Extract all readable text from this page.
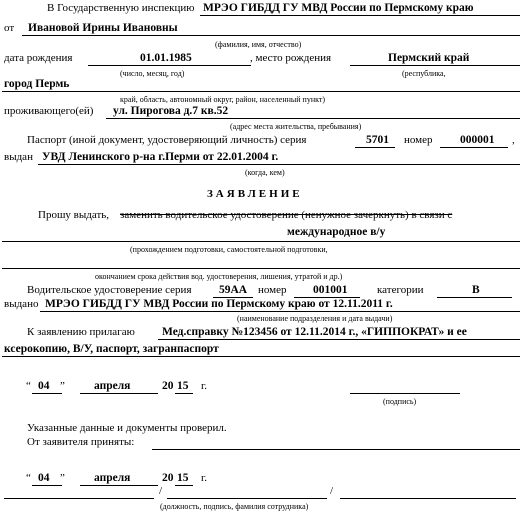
В Государственную инспекцию МРЭО ГИБДД ГУ МВД России по Пермскому краю
от Ивановой Ирины Ивановны
(фамилия, имя, отчество)
дата рождения	01.01.1985	, место рождения	Пермский край
(число, месяц, год)	(республика,
город Пермь
край, область, автономный округ, район, населенный пункт)
проживающего(ей) ул. Пирогова д.7 кв.52
(адрес места жительства, пребывания)
Паспорт (иной документ, удостоверяющий личность) серия	5701 номер 000001 ,
выдан УВД Ленинского р-на г.Перми от 22.01.2004 г.
(когда, кем)
ЗАЯВЛЕНИЕ
Прошу выдать, заменить водительское удостоверение (ненужное зачеркнуть) в связи с
международное в/у
(прохождением подготовки, самостоятельной подготовки,
окончанием срока действия вод. удостоверения, лишения, утратой и др.)
Водительское удостоверение серия 59АА номер 001001	категории	В
выдано МРЭО ГИБДД ГУ МВД России по Пермскому краю от 12.11.2011 г.
(наименование подразделения и дата выдачи)
К заявлению прилагаю Мед.справку №123456 от 12.11.2014 г., «ГИППОКРАТ» и ее
ксерокопию, В/У, паспорт, загранпаспорт
“ 04 ”	апреля	20 15 г.
(подпись)
Указанные данные и документы проверил.
От заявителя приняты:
“ 04 ”	апреля	20 15 г.
/	/
(должность, подпись, фамилия сотрудника)
